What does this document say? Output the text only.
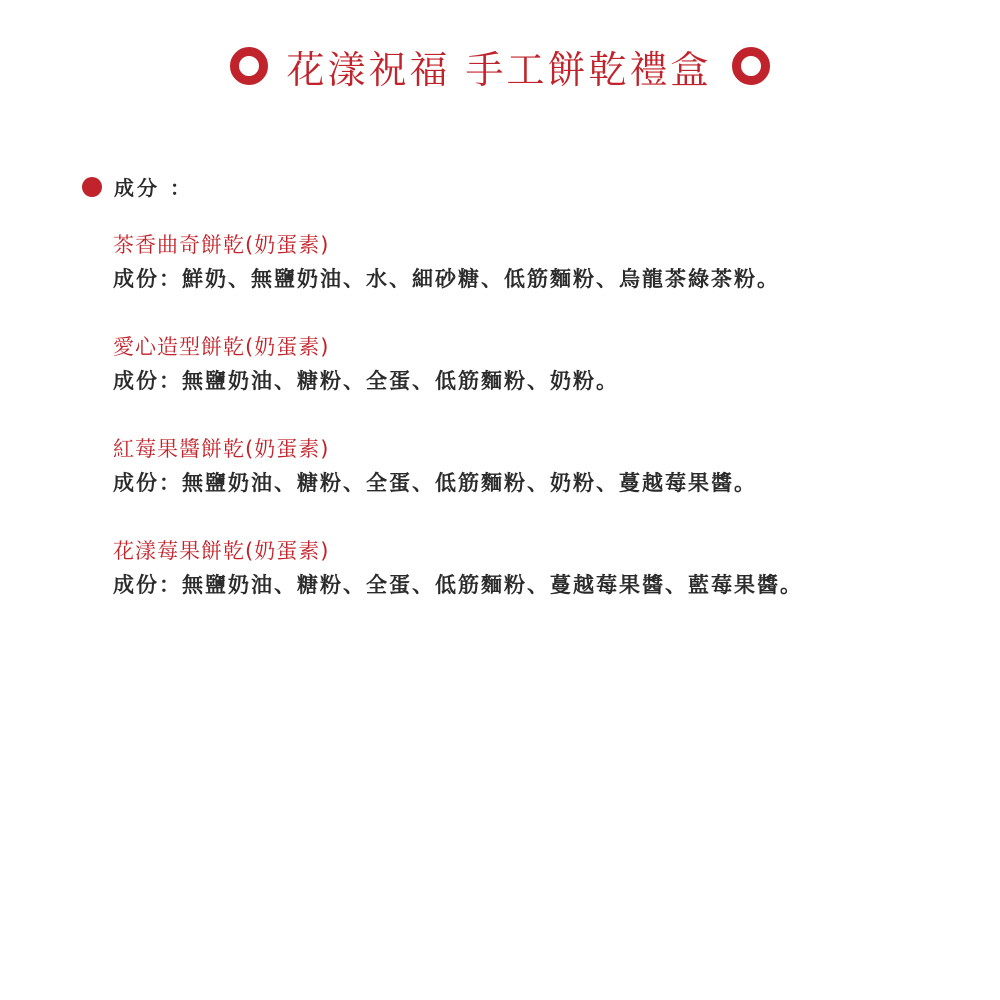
花漾祝福 手工餅乾禮盒
成分 ：
茶香曲奇餅乾(奶蛋素)
成份：鮮奶、無鹽奶油、水、細砂糖、低筋麵粉、烏龍茶綠茶粉。
愛心造型餅乾(奶蛋素)
成份：無鹽奶油、糖粉、全蛋、低筋麵粉、奶粉。
紅莓果醬餅乾(奶蛋素)
成份：無鹽奶油、糖粉、全蛋、低筋麵粉、奶粉、蔓越莓果醬。
花漾莓果餅乾(奶蛋素)
成份：無鹽奶油、糖粉、全蛋、低筋麵粉、蔓越莓果醬、藍莓果醬。
